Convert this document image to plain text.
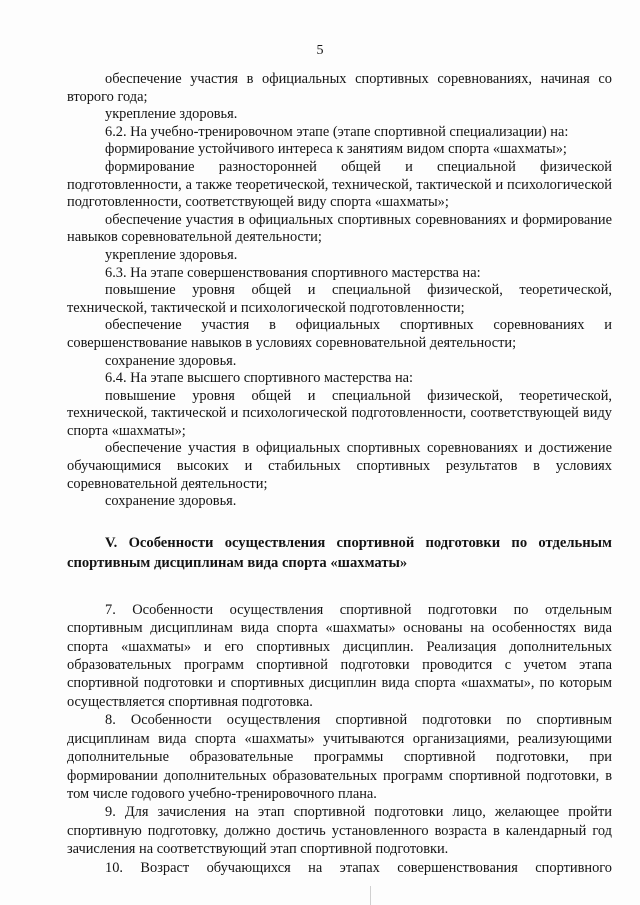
5

обеспечение участия в официальных спортивных соревнованиях, начиная со второго года;

укрепление здоровья.

6.2. На учебно-тренировочном этапе (этапе спортивной специализации) на:

формирование устойчивого интереса к занятиям видом спорта «шахматы»;

формирование разносторонней общей и специальной физической подготовленности, а также теоретической, технической, тактической и психологической подготовленности, соответствующей виду спорта «шахматы»;

обеспечение участия в официальных спортивных соревнованиях и формирование навыков соревновательной деятельности;

укрепление здоровья.

6.3. На этапе совершенствования спортивного мастерства на:

повышение уровня общей и специальной физической, теоретической, технической, тактической и психологической подготовленности;

обеспечение участия в официальных спортивных соревнованиях и совершенствование навыков в условиях соревновательной деятельности;

сохранение здоровья.

6.4. На этапе высшего спортивного мастерства на:

повышение уровня общей и специальной физической, теоретической, технической, тактической и психологической подготовленности, соответствующей виду спорта «шахматы»;

обеспечение участия в официальных спортивных соревнованиях и достижение обучающимися высоких и стабильных спортивных результатов в условиях соревновательной деятельности;

сохранение здоровья.

V. Особенности осуществления спортивной подготовки по отдельным спортивным дисциплинам вида спорта «шахматы»

7. Особенности осуществления спортивной подготовки по отдельным спортивным дисциплинам вида спорта «шахматы» основаны на особенностях вида спорта «шахматы» и его спортивных дисциплин. Реализация дополнительных образовательных программ спортивной подготовки проводится с учетом этапа спортивной подготовки и спортивных дисциплин вида спорта «шахматы», по которым осуществляется спортивная подготовка.

8. Особенности осуществления спортивной подготовки по спортивным дисциплинам вида спорта «шахматы» учитываются организациями, реализующими дополнительные образовательные программы спортивной подготовки, при формировании дополнительных образовательных программ спортивной подготовки, в том числе годового учебно-тренировочного плана.

9. Для зачисления на этап спортивной подготовки лицо, желающее пройти спортивную подготовку, должно достичь установленного возраста в календарный год зачисления на соответствующий этап спортивной подготовки.

10. Возраст обучающихся на этапах совершенствования спортивного
